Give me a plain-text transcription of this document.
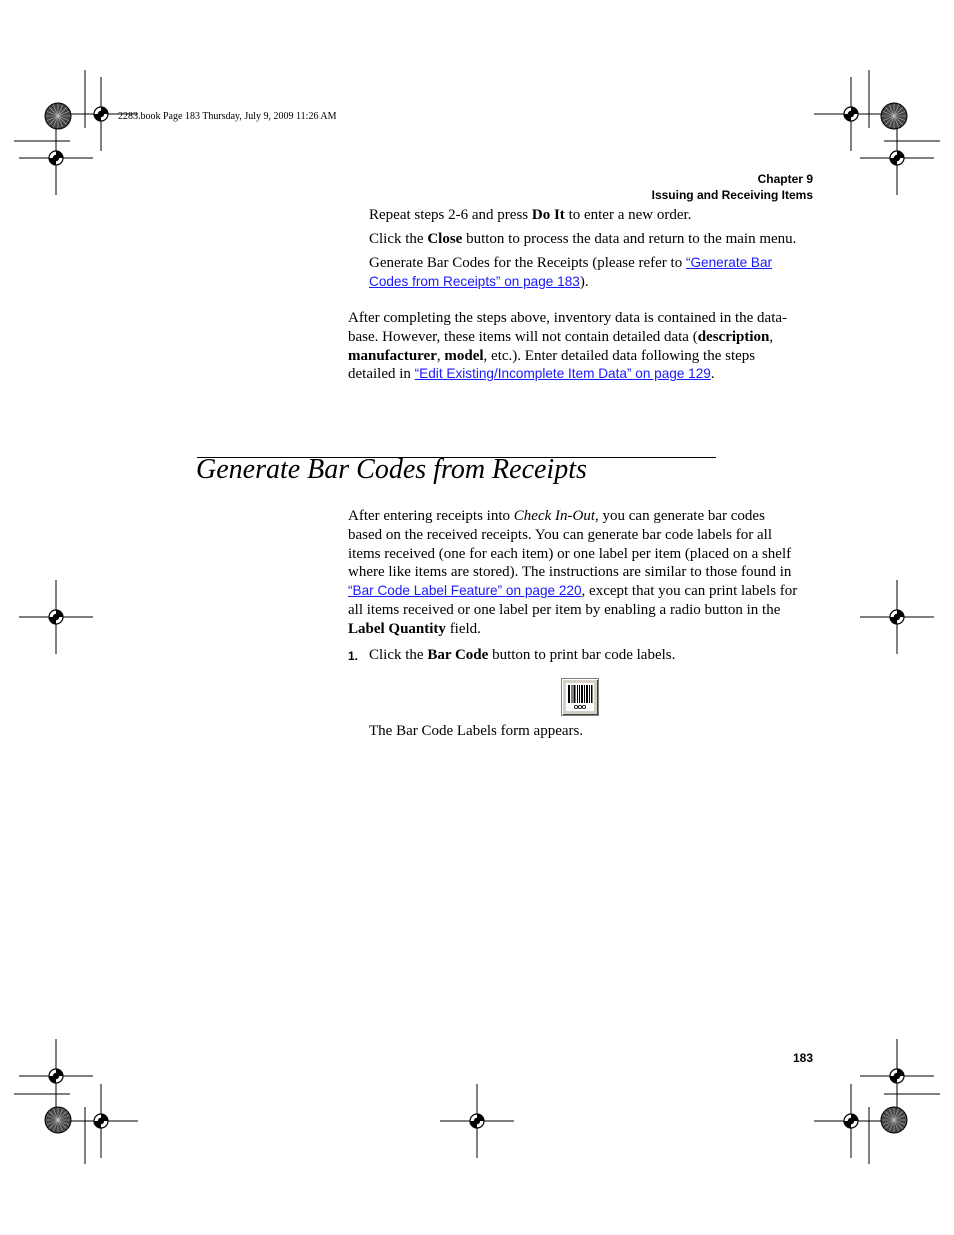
2283.book Page 183 Thursday, July 9, 2009 11:26 AM
Chapter 9
Issuing and Receiving Items
Repeat steps 2-6 and press Do It to enter a new order.
Click the Close button to process the data and return to the main menu.
Generate Bar Codes for the Receipts (please refer to “Generate Bar
Codes from Receipts” on page 183).
After completing the steps above, inventory data is contained in the data-
base. However, these items will not contain detailed data (description,
manufacturer, model, etc.). Enter detailed data following the steps
detailed in “Edit Existing/Incomplete Item Data” on page 129.
Generate Bar Codes from Receipts
After entering receipts into Check In-Out, you can generate bar codes
based on the received receipts. You can generate bar code labels for all
items received (one for each item) or one label per item (placed on a shelf
where like items are stored). The instructions are similar to those found in
“Bar Code Label Feature” on page 220, except that you can print labels for
all items received or one label per item by enabling a radio button in the
Label Quantity field.
1. Click the Bar Code button to print bar code labels.
The Bar Code Labels form appears.
183
